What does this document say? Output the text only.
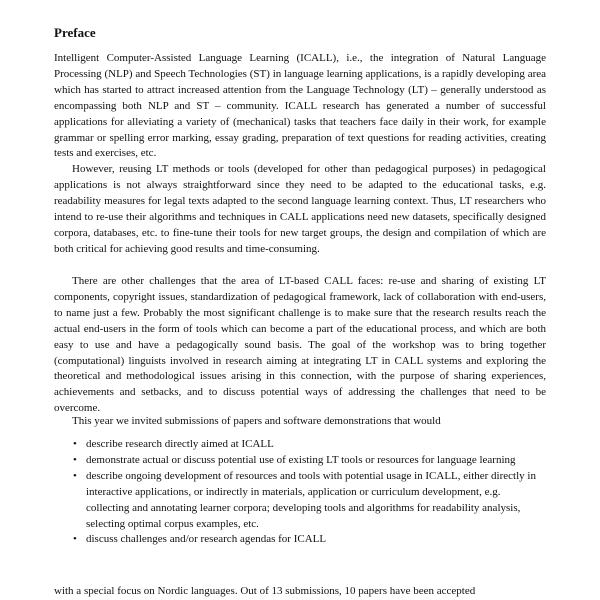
Preface

Intelligent Computer-Assisted Language Learning (ICALL), i.e., the integration of Natural Language Processing (NLP) and Speech Technologies (ST) in language learning applications, is a rapidly developing area which has started to attract increased attention from the Language Technology (LT) – generally understood as encompassing both NLP and ST – community. ICALL research has generated a number of successful applications for alleviating a variety of (mechanical) tasks that teachers face daily in their work, for example grammar or spelling error marking, essay grading, preparation of text questions for reading activities, creating tests and exercises, etc.

However, reusing LT methods or tools (developed for other than pedagogical purposes) in pedagogical applications is not always straightforward since they need to be adapted to the educational tasks, e.g. readability measures for legal texts adapted to the second language learning context. Thus, LT researchers who intend to re-use their algorithms and techniques in CALL applications need new datasets, specifically designed corpora, databases, etc. to fine-tune their tools for new target groups, the design and compilation of which are both critical for achieving good results and time-consuming.

There are other challenges that the area of LT-based CALL faces: re-use and sharing of existing LT components, copyright issues, standardization of pedagogical framework, lack of collaboration with end-users, to name just a few. Probably the most significant challenge is to make sure that the research results reach the actual end-users in the form of tools which can become a part of the educational process, and which are both easy to use and have a pedagogically sound basis. The goal of the workshop was to bring together (computational) linguists involved in research aiming at integrating LT in CALL systems and exploring the theoretical and methodological issues arising in this connection, with the purpose of sharing experiences, achievements and setbacks, and to discuss potential ways of addressing the challenges that need to be overcome.

This year we invited submissions of papers and software demonstrations that would

• describe research directly aimed at ICALL
• demonstrate actual or discuss potential use of existing LT tools or resources for language learning
• describe ongoing development of resources and tools with potential usage in ICALL, either directly in interactive applications, or indirectly in materials, application or curriculum development, e.g. collecting and annotating learner corpora; developing tools and algorithms for readability analysis, selecting optimal corpus examples, etc.
• discuss challenges and/or research agendas for ICALL

with a special focus on Nordic languages. Out of 13 submissions, 10 papers have been accepted
